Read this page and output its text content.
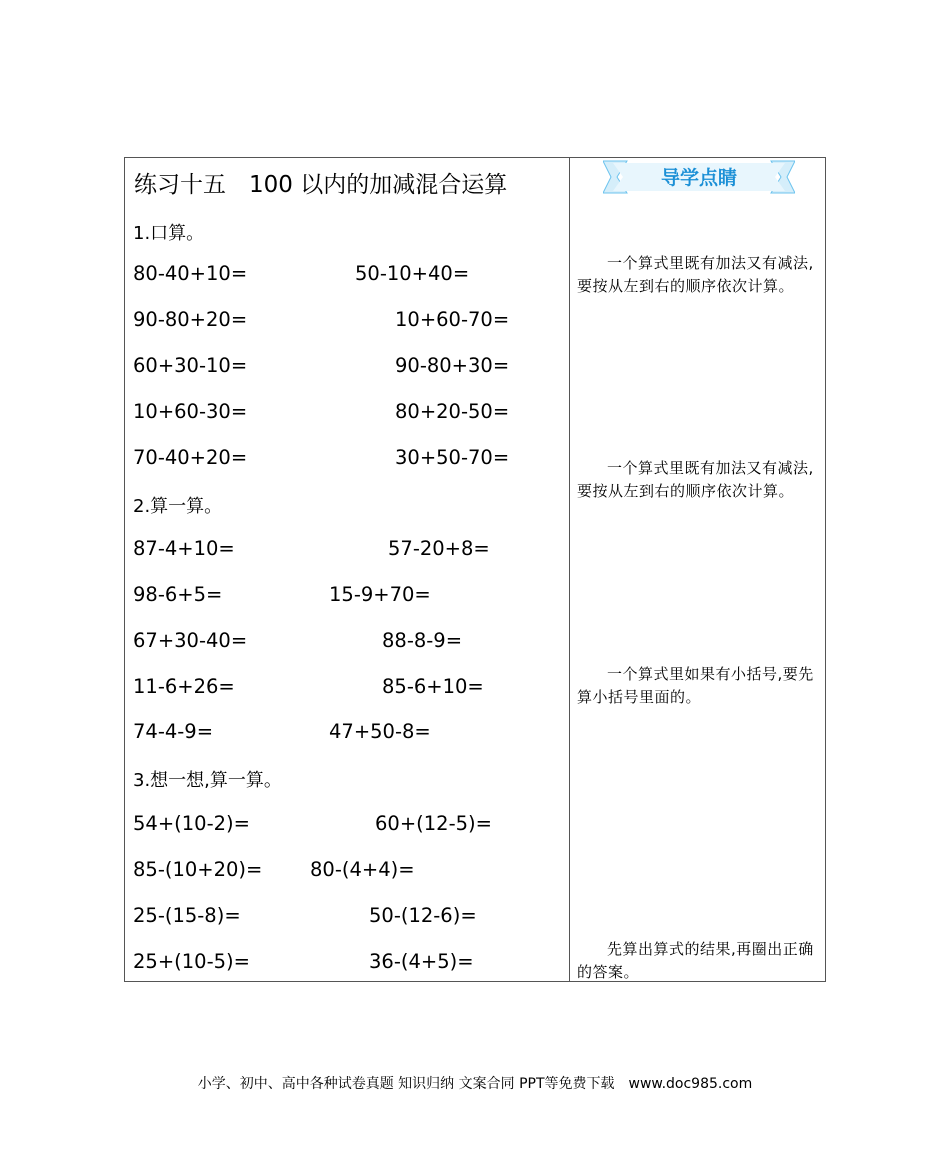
练习十五　100 以内的加减混合运算
1.口算。
2.算一算。
3.想一想,算一算。
80-40+10=	50-10+40=
90-80+20=	10+60-70=
60+30-10=	90-80+30=
10+60-30=	80+20-50=
70-40+20=	30+50-70=
87-4+10=	57-20+8=
98-6+5=	15-9+70=
67+30-40=	88-8-9=
11-6+26=	85-6+10=
74-4-9=	47+50-8=
54+(10-2)=	60+(12-5)=
85-(10+20)= 80-(4+4)=
25-(15-8)=	50-(12-6)=
25+(10-5)=	36-(4+5)=
导学点睛
一个算式里既有加法又有减法,要按从左到右的顺序依次计算。
一个算式里既有加法又有减法,要按从左到右的顺序依次计算。
一个算式里如果有小括号,要先算小括号里面的。
先算出算式的结果,再圈出正确的答案。
小学、初中、高中各种试卷真题 知识归纳 文案合同 PPT等免费下载　www.doc985.com
